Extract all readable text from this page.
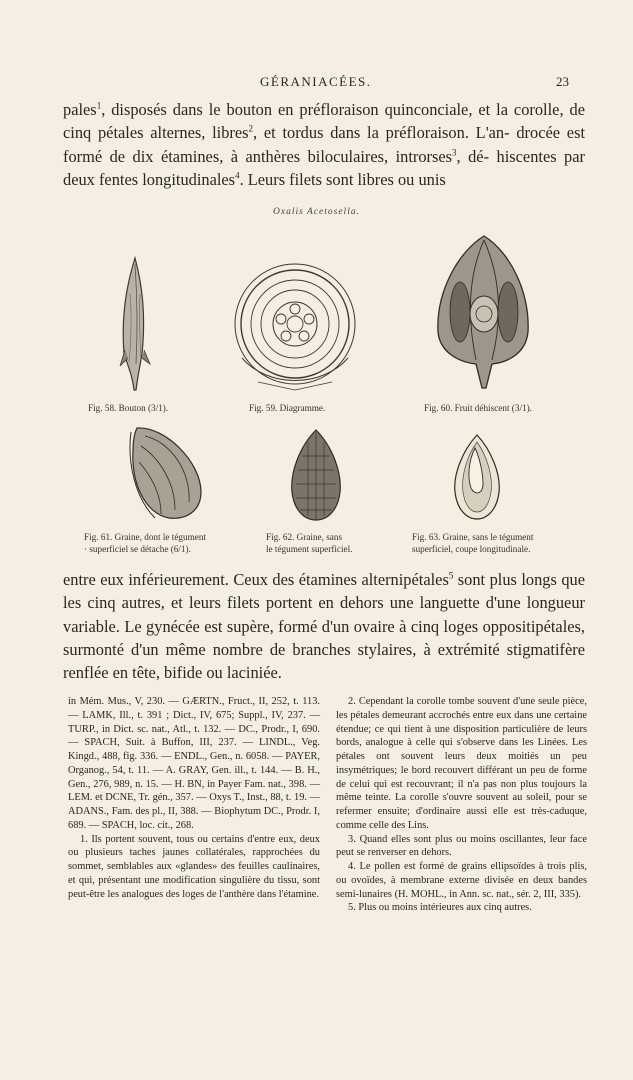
GÉRANIACÉES.	23

pales$^1$, disposés dans le bouton en préfloraison quinconciale, et la corolle, de cinq pétales alternes, libres$^2$, et tordus dans la préfloraison. L'an- drocée est formé de dix étamines, à anthères biloculaires, introrses$^3$, dé- hiscentes par deux fentes longitudinales$^4$. Leurs filets sont libres ou unis

Oxalis Acetosella.
Fig. 58. Bouton (3/1).	Fig. 59. Diagramme.	Fig. 60. Fruit déhiscent (3/1).
Fig. 61. Graine, dont le tégument
· superficiel se détache (6/1).
Fig. 62. Graine, sans
le tégument superficiel.
Fig. 63. Graine, sans le tégument
superficiel, coupe longitudinale.

entre eux inférieurement. Ceux des étamines alternipétales$^5$ sont plus longs que les cinq autres, et leurs filets portent en dehors une languette d'une longueur variable. Le gynécée est supère, formé d'un ovaire à cinq loges oppositipétales, surmonté d'un même nombre de branches stylaires, à extrémité stigmatifère renflée en tête, bifide ou laciniée.

in Mém. Mus., V, 230. — GÆRTN., Fruct., II, 252, t. 113. — LAMK, Ill., t. 391 ; Dict., IV, 675; Suppl., IV, 237. — TURP., in Dict. sc. nat., Atl., t. 132. — DC., Prodr., I, 690. — SPACH, Suit. à Buffon, III, 237. — LINDL., Veg. Kingd., 488, fig. 336. — ENDL., Gen., n. 6058. — PAYER, Organog., 54, t. 11. — A. GRAY, Gen. ill., t. 144. — B. H., Gen., 276, 989, n. 15. — H. BN, in Payer Fam. nat., 398. — LEM. et DCNE, Tr. gén., 357. — Oxys T., Inst., 88, t. 19. — ADANS., Fam. des pl., II, 388. — Biophytum DC., Prodr. I, 689. — SPACH, loc. cit., 268.

1. Ils portent souvent, tous ou certains d'entre eux, deux ou plusieurs taches jaunes collatérales, rapprochées du sommet, semblables aux «glandes» des feuilles caulinaires, et qui, présentant une modification singulière du tissu, sont peut-être les analogues des loges de l'anthère dans l'étamine.

2. Cependant la corolle tombe souvent d'une seule pièce, les pétales demeurant accrochés entre eux dans une certaine étendue; ce qui tient à une disposition particulière de leurs bords, analogue à celle qui s'observe dans les Linées. Les pétales ont souvent leurs deux moitiés un peu insymétriques; le bord recouvert différant un peu de forme de celui qui est recouvrant; il n'a pas non plus toujours la même teinte. La corolle s'ouvre souvent au soleil, pour se refermer ensuite; d'ordinaire aussi elle est très-caduque, comme celle des Lins.

3. Quand elles sont plus ou moins oscillantes, leur face peut se renverser en dehors.

4. Le pollen est formé de grains ellipsoïdes à trois plis, ou ovoïdes, à membrane externe divisée en deux bandes semi-lunaires (H. MOHL., in Ann. sc. nat., sér. 2, III, 335).

5. Plus ou moins intérieures aux cinq autres.
